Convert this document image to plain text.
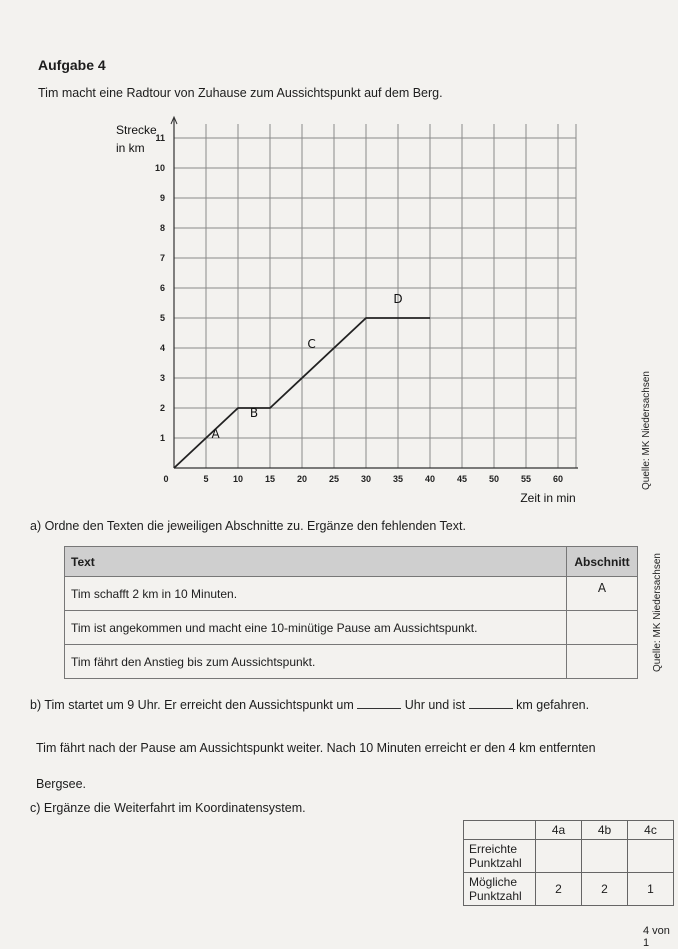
Aufgabe 4
Tim macht eine Radtour von Zuhause zum Aussichtspunkt auf dem Berg.
0	5	10 15 20 25 30 35 40 45 50 55 60
1
2
3
4
5
6
7
8
9
10
11
Strecke
in km
Zeit in min
A
B
C
D
Quelle: MK Niedersachsen
a) Ordne den Texten die jeweiligen Abschnitte zu. Ergänze den fehlenden Text.
Text	Abschnitt
Tim schafft 2 km in 10 Minuten.	A
Tim ist angekommen und macht eine 10-minütige Pause am Aussichtspunkt.	
Tim fährt den Anstieg bis zum Aussichtspunkt.		Quelle: MK Niedersachsen
b) Tim startet um 9 Uhr. Er erreicht den Aussichtspunkt um	Uhr und ist	km gefahren.
Tim fährt nach der Pause am Aussichtspunkt weiter. Nach 10 Minuten erreicht er den 4 km entfernten
Bergsee.
c) Ergänze die Weiterfahrt im Koordinatensystem.
	4a	4b	4c
Erreichte
Punktzahl			
Mögliche
Punktzahl	2	2	1
4 von 1
